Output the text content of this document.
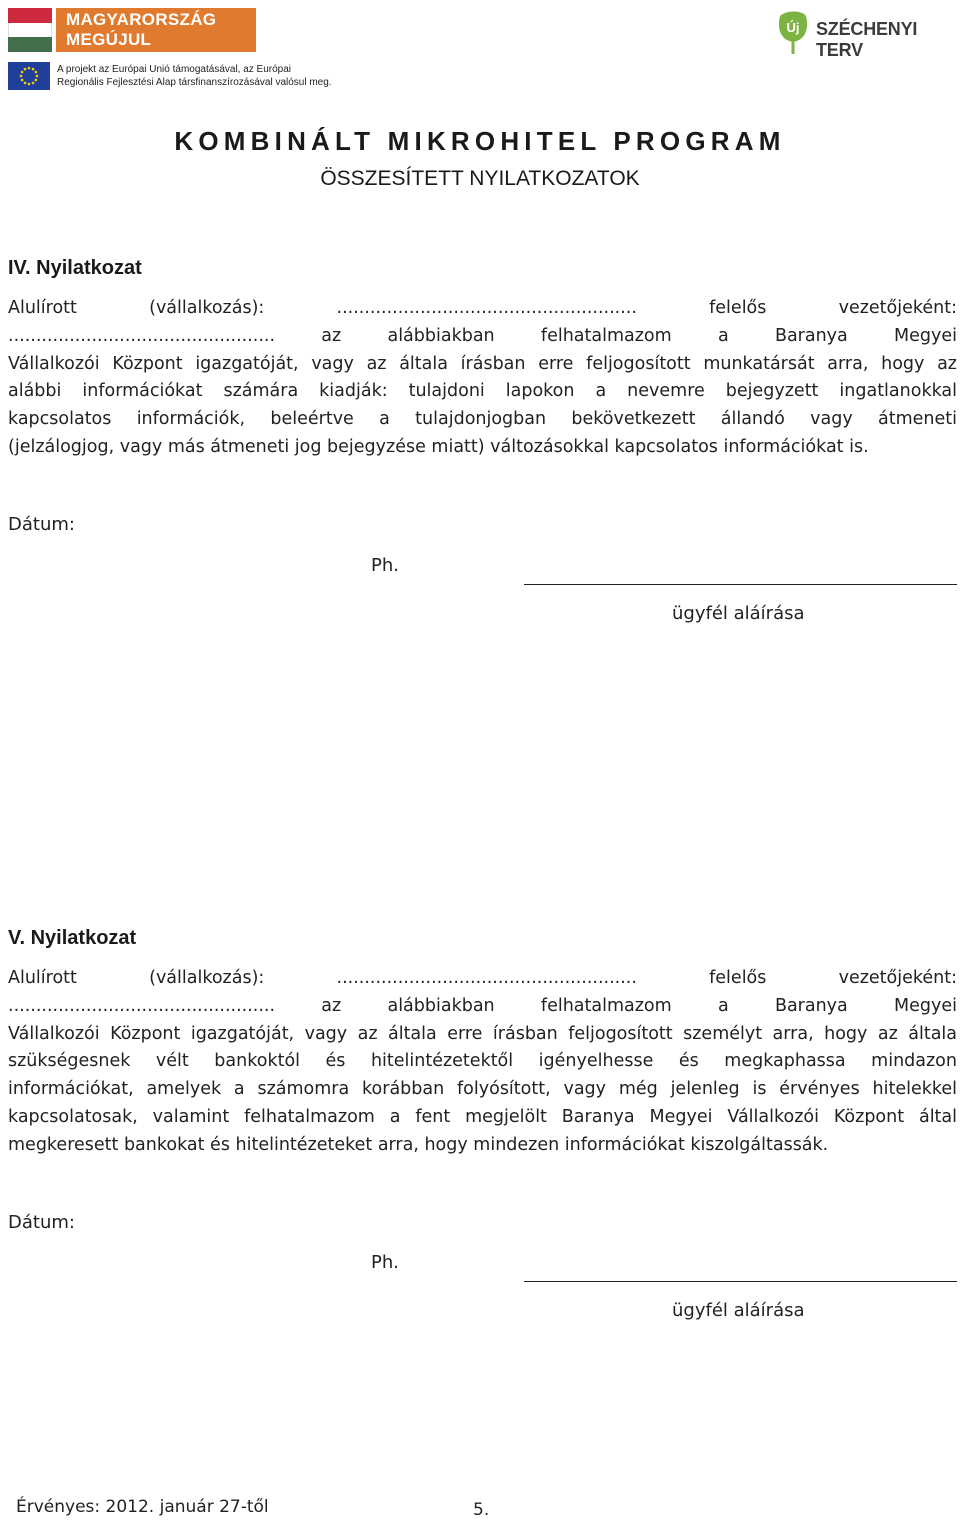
MAGYARORSZÁG MEGÚJUL
A projekt az Európai Unió támogatásával, az Európai
Regionális Fejlesztési Alap társfinanszírozásával valósul meg.
Új SZÉCHENYI TERV
KOMBINÁLT MIKROHITEL PROGRAM
ÖSSZESÍTETT NYILATKOZATOK
IV. Nyilatkozat
Alulírott (vállalkozás): ...................................................... felelős vezetőjeként:
................................................ az alábbiakban felhatalmazom a Baranya Megyei
Vállalkozói Központ igazgatóját, vagy az általa írásban erre feljogosított munkatársát arra, hogy az
alábbi információkat számára kiadják: tulajdoni lapokon a nevemre bejegyzett ingatlanokkal
kapcsolatos információk, beleértve a tulajdonjogban bekövetkezett állandó vagy átmeneti
(jelzálogjog, vagy más átmeneti jog bejegyzése miatt) változásokkal kapcsolatos információkat is.
Dátum:
Ph.
ügyfél aláírása
V. Nyilatkozat
Alulírott (vállalkozás): ...................................................... felelős vezetőjeként:
................................................ az alábbiakban felhatalmazom a Baranya Megyei
Vállalkozói Központ igazgatóját, vagy az általa erre írásban feljogosított személyt arra, hogy az általa
szükségesnek vélt bankoktól és hitelintézetektől igényelhesse és megkaphassa mindazon
információkat, amelyek a számomra korábban folyósított, vagy még jelenleg is érvényes hitelekkel
kapcsolatosak, valamint felhatalmazom a fent megjelölt Baranya Megyei Vállalkozói Központ által
megkeresett bankokat és hitelintézeteket arra, hogy mindezen információkat kiszolgáltassák.
Dátum:
Ph.
ügyfél aláírása
Érvényes: 2012. január 27-től	5.
